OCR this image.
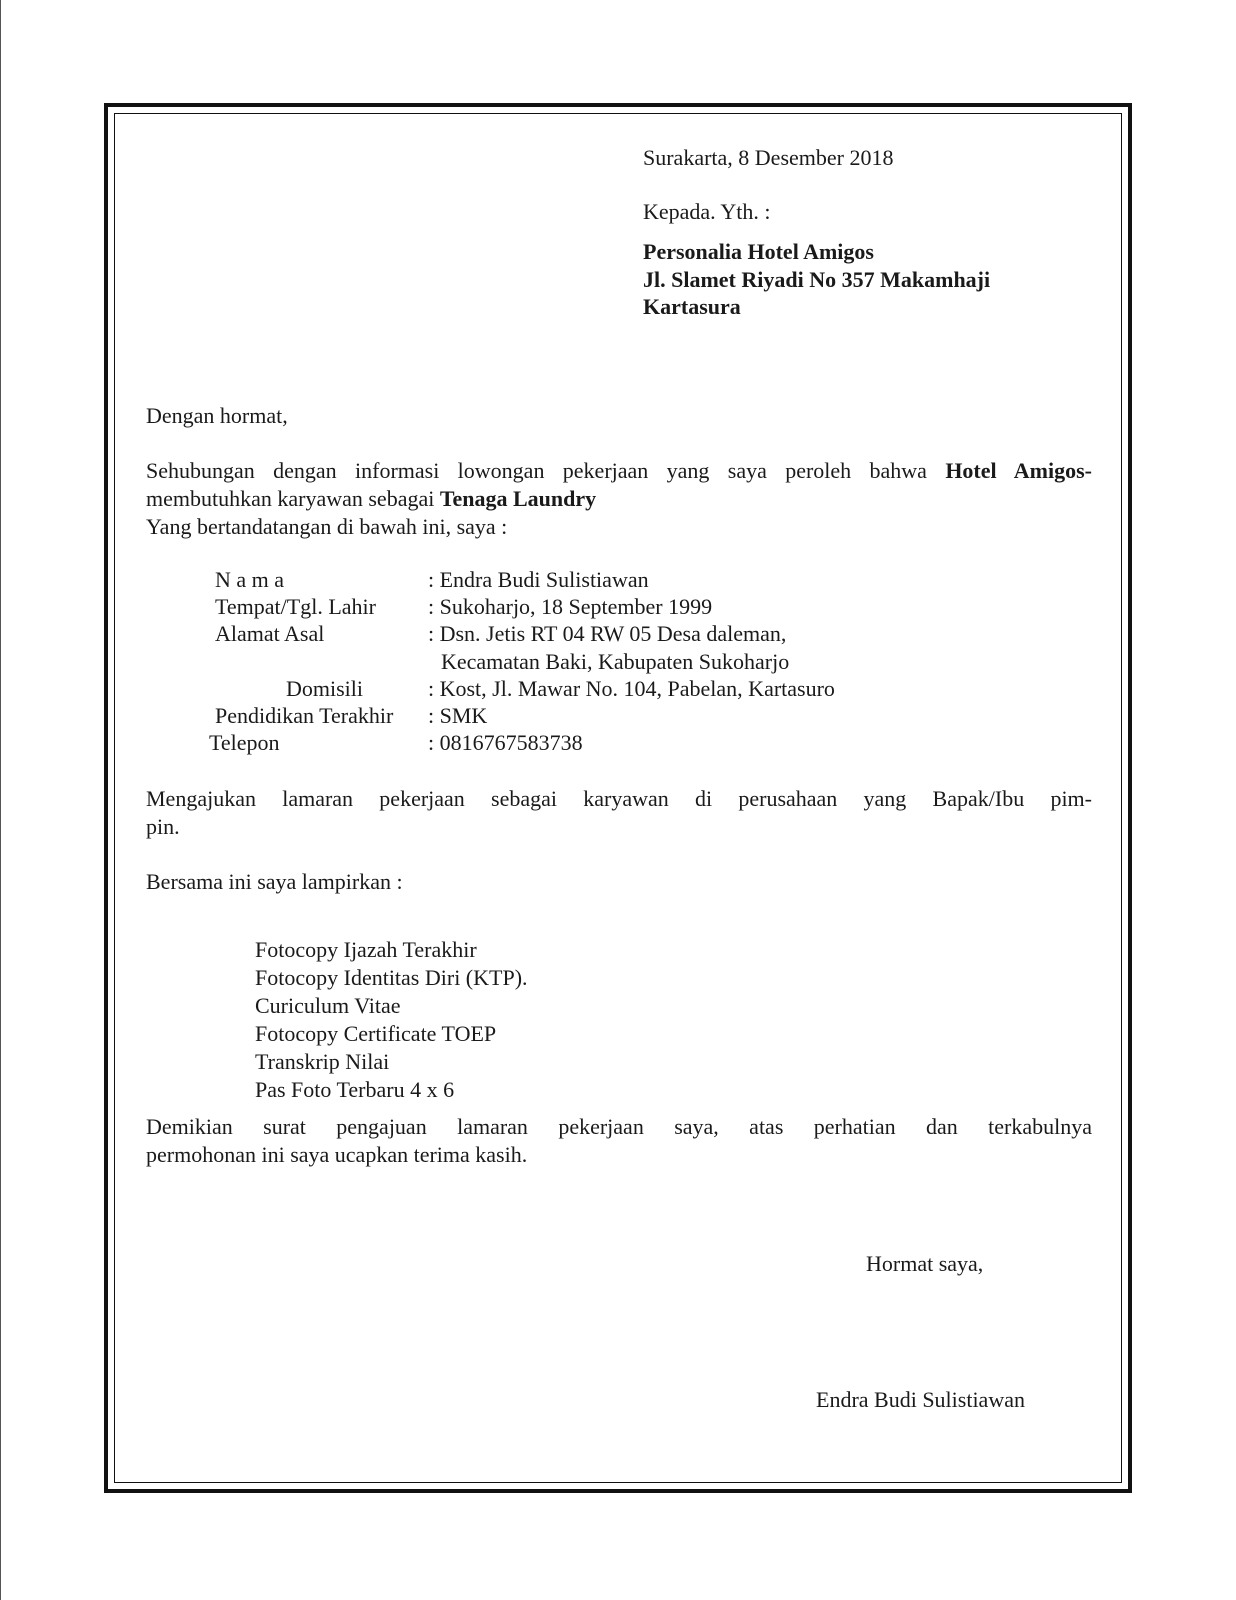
Surakarta, 8 Desember 2018

Kepada. Yth. :

Personalia Hotel Amigos

Jl. Slamet Riyadi No 357 Makamhaji

Kartasura

Dengan hormat,

Sehubungan dengan informasi lowongan pekerjaan yang saya peroleh bahwa Hotel Amigos-
membutuhkan karyawan sebagai Tenaga Laundry
Yang bertandatangan di bawah ini, saya :

N a m a	: Endra Budi Sulistiawan

Tempat/Tgl. Lahir : Sukoharjo, 18 September 1999

Alamat Asal	: Dsn. Jetis RT 04 RW 05 Desa daleman,

Kecamatan Baki, Kabupaten Sukoharjo

Domisili	: Kost, Jl. Mawar No. 104, Pabelan, Kartasuro

Pendidikan Terakhir : SMK

Telepon	: 0816767583738

Mengajukan lamaran pekerjaan sebagai karyawan di perusahaan yang Bapak/Ibu pim-
pin.

Bersama ini saya lampirkan :

Fotocopy Ijazah Terakhir
Fotocopy Identitas Diri (KTP).
Curiculum Vitae
Fotocopy Certificate TOEP
Transkrip Nilai
Pas Foto Terbaru 4 x 6
Demikian surat pengajuan lamaran pekerjaan saya, atas perhatian dan terkabulnya
permohonan ini saya ucapkan terima kasih.

Hormat saya,

Endra Budi Sulistiawan
